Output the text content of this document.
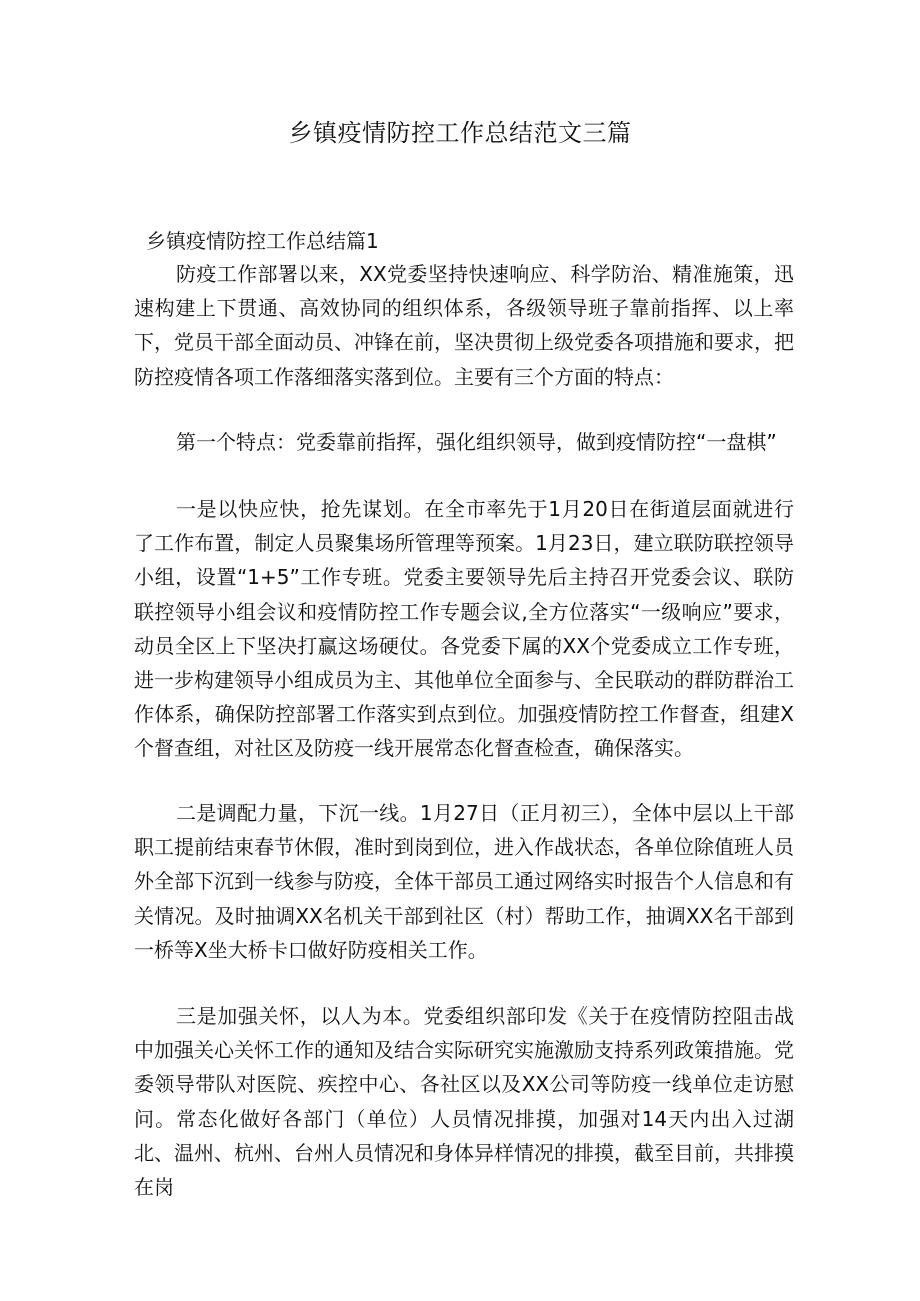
乡镇疫情防控工作总结范文三篇
乡镇疫情防控工作总结篇1

防疫工作部署以来，XX党委坚持快速响应、科学防治、精准施策，迅速构建上下贯通、高效协同的组织体系，各级领导班子靠前指挥、以上率下，党员干部全面动员、冲锋在前，坚决贯彻上级党委各项措施和要求，把防控疫情各项工作落细落实落到位。主要有三个方面的特点：

第一个特点：党委靠前指挥，强化组织领导，做到疫情防控“一盘棋”

一是以快应快，抢先谋划。在全市率先于1月20日在街道层面就进行了工作布置，制定人员聚集场所管理等预案。1月23日，建立联防联控领导小组，设置“1+5”工作专班。党委主要领导先后主持召开党委会议、联防联控领导小组会议和疫情防控工作专题会议,全方位落实“一级响应”要求，动员全区上下坚决打赢这场硬仗。各党委下属的XX个党委成立工作专班，进一步构建领导小组成员为主、其他单位全面参与、全民联动的群防群治工作体系，确保防控部署工作落实到点到位。加强疫情防控工作督查，组建X个督查组，对社区及防疫一线开展常态化督查检查，确保落实。

二是调配力量，下沉一线。1月27日（正月初三），全体中层以上干部职工提前结束春节休假，准时到岗到位，进入作战状态，各单位除值班人员外全部下沉到一线参与防疫，全体干部员工通过网络实时报告个人信息和有关情况。及时抽调XX名机关干部到社区（村）帮助工作，抽调XX名干部到一桥等X坐大桥卡口做好防疫相关工作。

三是加强关怀，以人为本。党委组织部印发《关于在疫情防控阻击战中加强关心关怀工作的通知及结合实际研究实施激励支持系列政策措施。党委领导带队对医院、疾控中心、各社区以及XX公司等防疫一线单位走访慰问。常态化做好各部门（单位）人员情况排摸，加强对14天内出入过湖北、温州、杭州、台州人员情况和身体异样情况的排摸，截至目前，共排摸在岗
